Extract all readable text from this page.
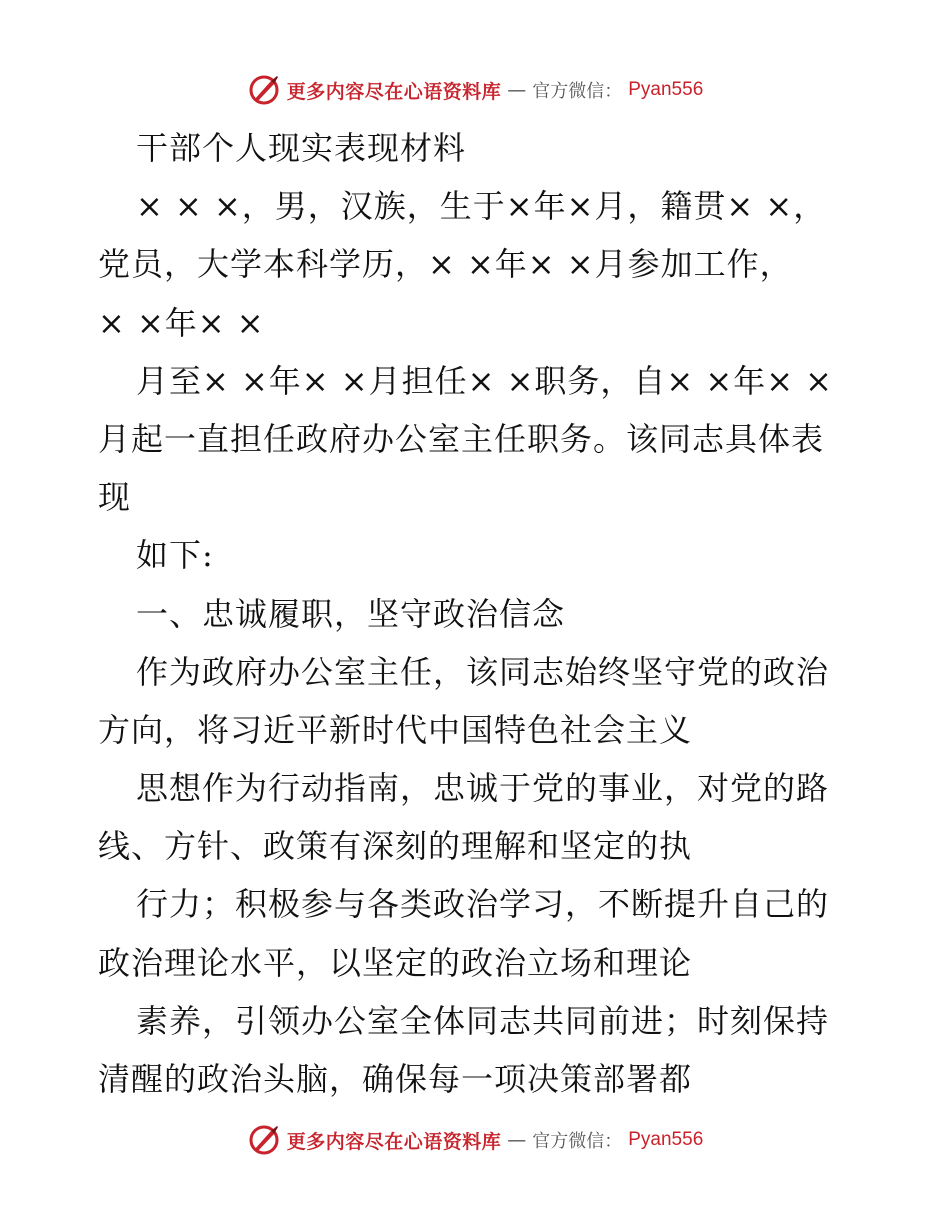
更多内容尽在心语资料库 — 官方微信： Pyan556
干部个人现实表现材料
× × ×，男，汉族，生于×年×月，籍贯× ×，
党员，大学本科学历，× ×年× ×月参加工作，
× ×年× ×
月至× ×年× ×月担任× ×职务，自× ×年× ×
月起一直担任政府办公室主任职务。该同志具体表
现
如下:
一、忠诚履职，坚守政治信念
作为政府办公室主任，该同志始终坚守党的政治
方向，将习近平新时代中国特色社会主义
思想作为行动指南，忠诚于党的事业，对党的路
线、方针、政策有深刻的理解和坚定的执
行力；积极参与各类政治学习，不断提升自己的
政治理论水平，以坚定的政治立场和理论
素养，引领办公室全体同志共同前进；时刻保持
清醒的政治头脑，确保每一项决策部署都
更多内容尽在心语资料库 — 官方微信： Pyan556
